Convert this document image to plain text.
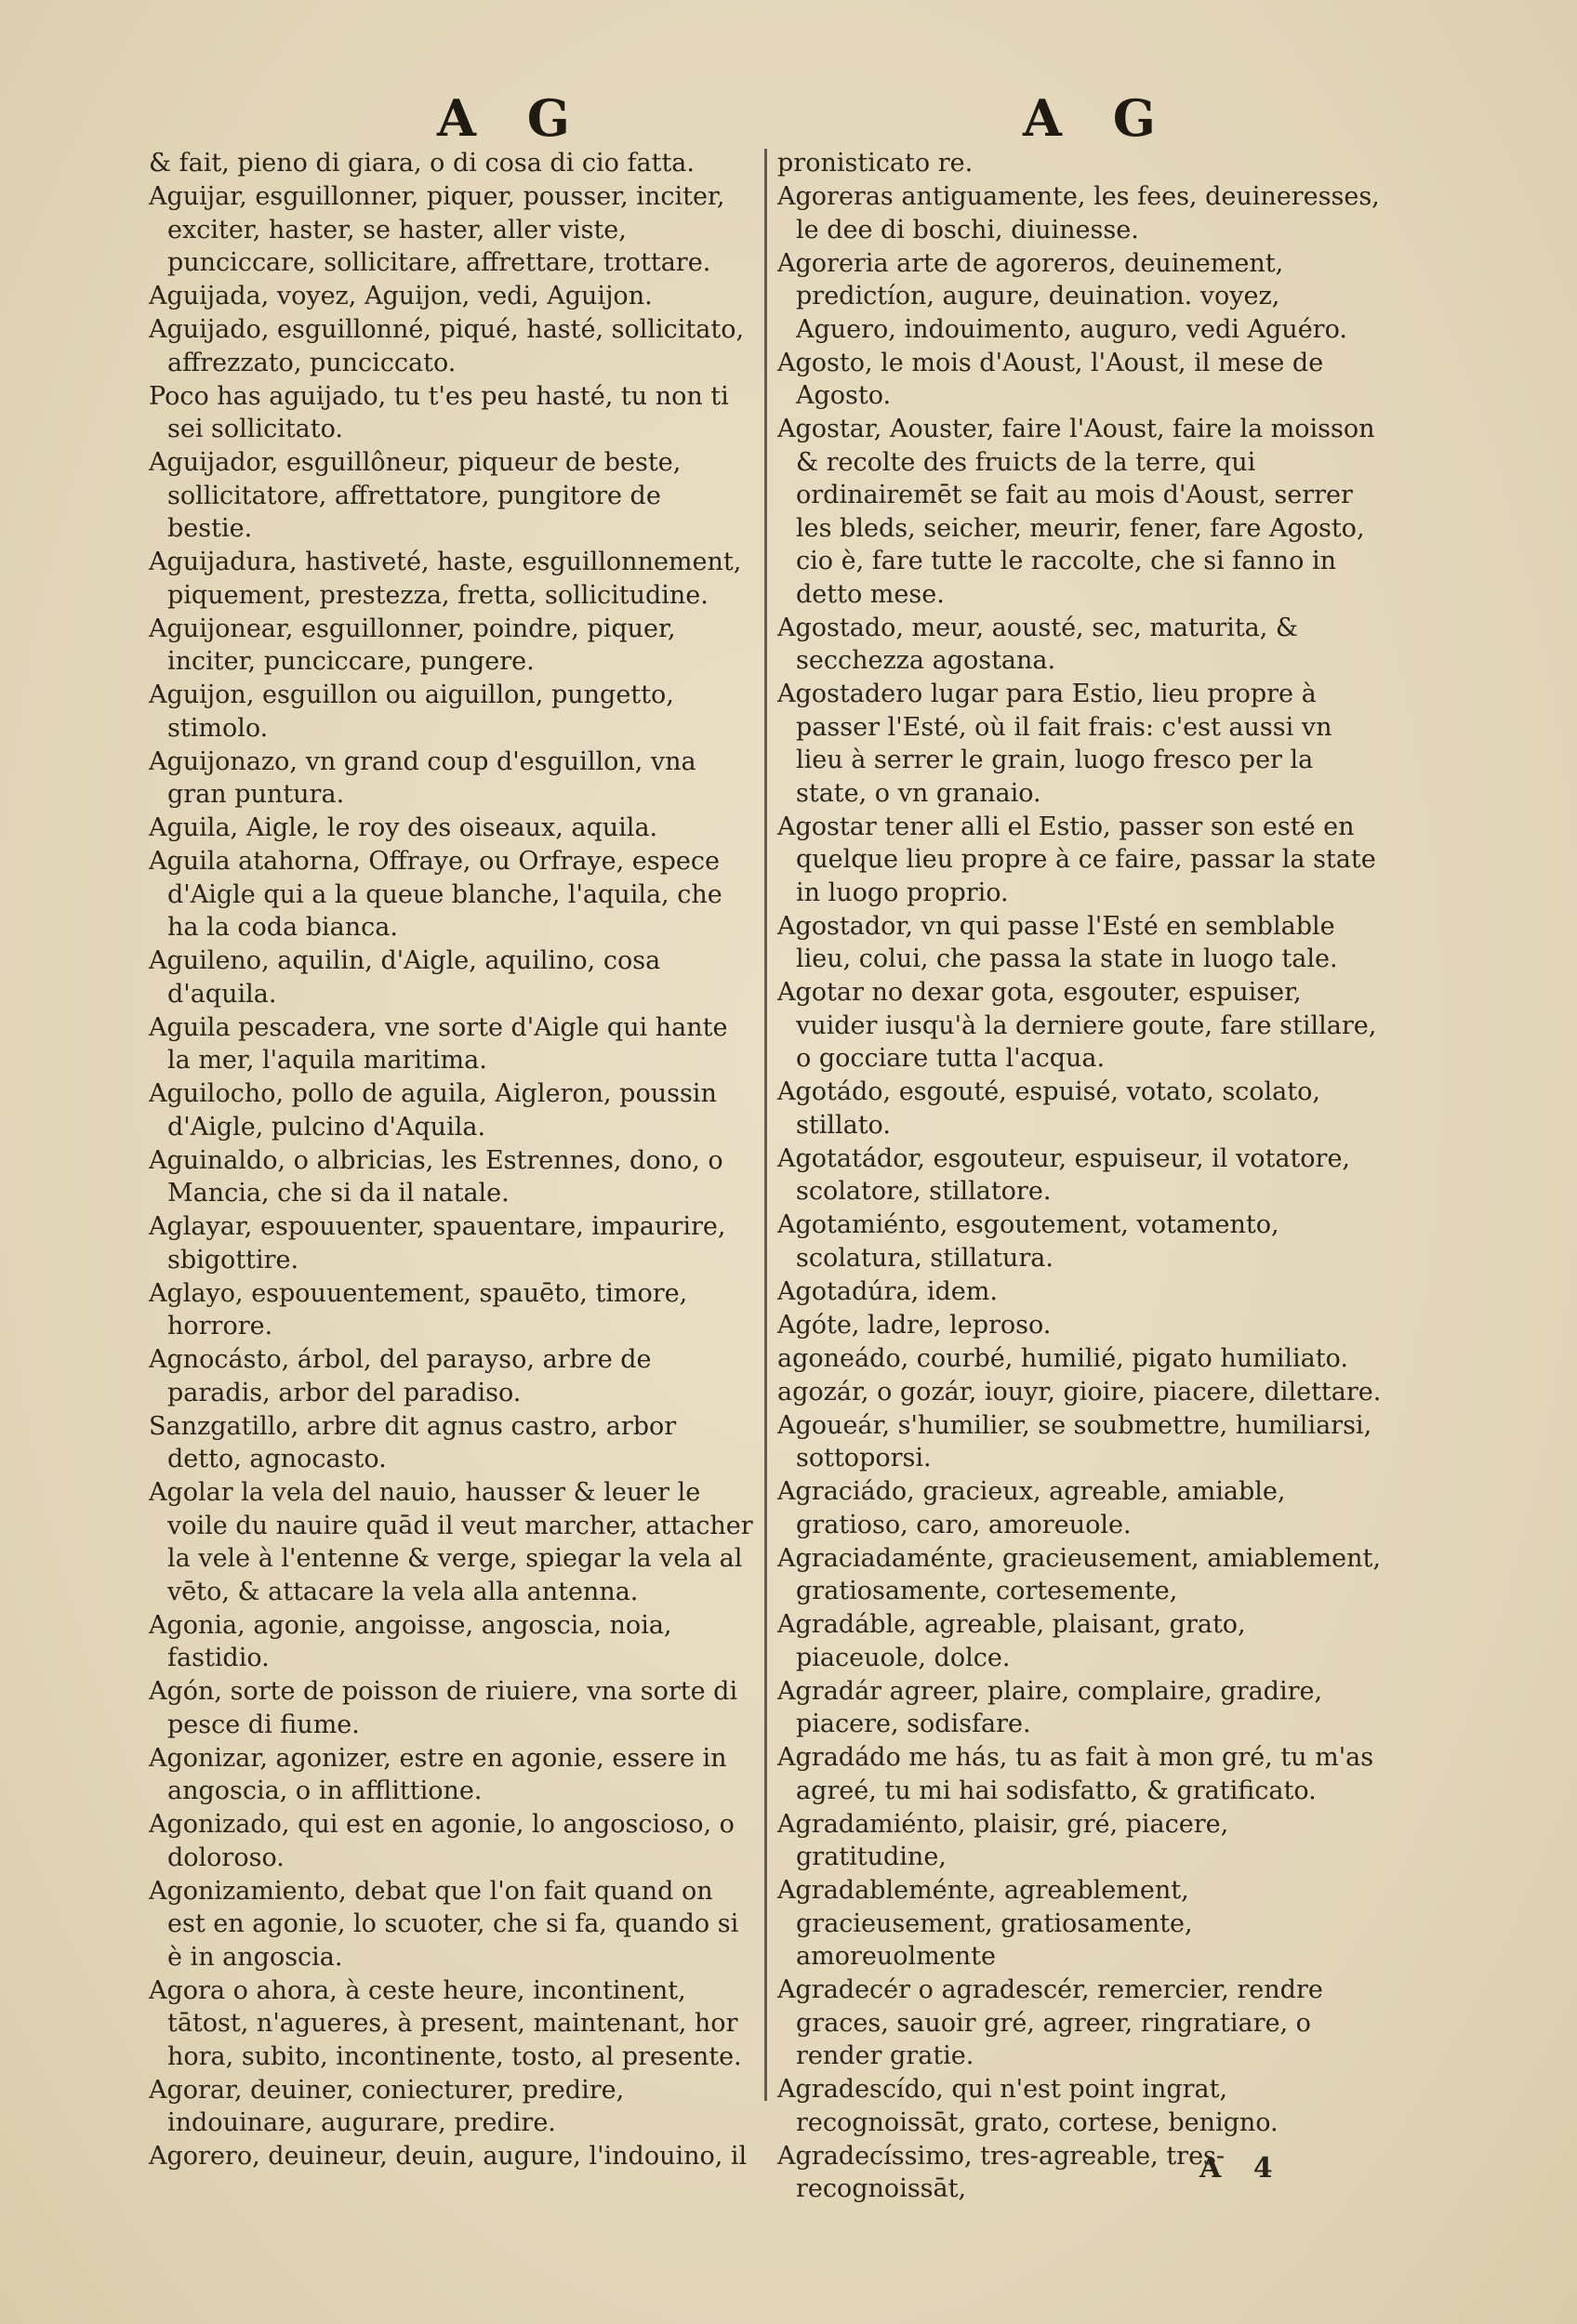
A G	A G

& fait, pieno di giara, o di cosa di cio fatta.

Aguijar, esguillonner, piquer, pousser, inciter, exciter, haster, se haster, aller viste, punciccare, sollicitare, affrettare, trottare.

Aguijada, voyez, Aguijon, vedi, Aguijon.

Aguijado, esguillonné, piqué, hasté, sollicitato, affrezzato, punciccato.

Poco has aguijado, tu t'es peu hasté, tu non ti sei sollicitato.

Aguijador, esguillôneur, piqueur de beste, sollicitatore, affrettatore, pungitore de bestie.

Aguijadura, hastiveté, haste, esguillonnement, piquement, prestezza, fretta, sollicitudine.

Aguijonear, esguillonner, poindre, piquer, inciter, punciccare, pungere.

Aguijon, esguillon ou aiguillon, pungetto, stimolo.

Aguijonazo, vn grand coup d'esguillon, vna gran puntura.

Aguila, Aigle, le roy des oiseaux, aquila.

Aguila atahorna, Offraye, ou Orfraye, espece d'Aigle qui a la queue blanche, l'aquila, che ha la coda bianca.

Aguileno, aquilin, d'Aigle, aquilino, cosa d'aquila.

Aguila pescadera, vne sorte d'Aigle qui hante la mer, l'aquila maritima.

Aguilocho, pollo de aguila, Aigleron, poussin d'Aigle, pulcino d'Aquila.

Aguinaldo, o albricias, les Estrennes, dono, o Mancia, che si da il natale.

Aglayar, espouuenter, spauentare, impaurire, sbigottire.

Aglayo, espouuentement, spauēto, timore, horrore.

Agnocásto, árbol, del parayso, arbre de paradis, arbor del paradiso.

Sanzgatillo, arbre dit agnus castro, arbor detto, agnocasto.

Agolar la vela del nauio, hausser & leuer le voile du nauire quād il veut marcher, attacher la vele à l'entenne & verge, spiegar la vela al vēto, & attacare la vela alla antenna.

Agonia, agonie, angoisse, angoscia, noia, fastidio.

Agón, sorte de poisson de riuiere, vna sorte di pesce di fiume.

Agonizar, agonizer, estre en agonie, essere in angoscia, o in afflittione.

Agonizado, qui est en agonie, lo angosciosо, o doloroso.

Agonizamiento, debat que l'on fait quand on est en agonie, lo scuoter, che si fa, quando si è in angoscia.

Agora o ahora, à ceste heure, incontinent, tātost, n'agueres, à present, maintenant, hor hora, subito, incontinente, tosto, al presente.

Agorar, deuiner, coniecturer, predire, indouinare, augurare, predire.

Agorero, deuineur, deuin, augure, l'indouino, il

pronisticato re.

Agoreras antiguamente, les fees, deuineresses, le dee di boschi, diuinesse.

Agoreria arte de agoreros, deuinement, predictíon, augure, deuination. voyez, Aguero, indouimento, auguro, vedi Aguéro.

Agosto, le mois d'Aoust, l'Aoust, il mese de Agosto.

Agostar, Aouster, faire l'Aoust, faire la moisson & recolte des fruicts de la terre, qui ordinairemēt se fait au mois d'Aoust, serrer les bleds, seicher, meurir, fener, fare Agosto, cio è, fare tutte le raccolte, che si fanno in detto mese.

Agostado, meur, aousté, sec, maturita, & secchezza agostana.

Agostadero lugar para Estio, lieu propre à passer l'Esté, où il fait frais: c'est aussi vn lieu à serrer le grain, luogo fresco per la state, o vn granaio.

Agostar tener alli el Estio, passer son esté en quelque lieu propre à ce faire, passar la state in luogo proprio.

Agostador, vn qui passe l'Esté en semblable lieu, colui, che passa la state in luogo tale.

Agotar no dexar gota, esgouter, espuiser, vuider iusqu'à la derniere goute, fare stillare, o gocciare tutta l'acqua.

Agotádo, esgouté, espuisé, votato, scolato, stillato.

Agotatádor, esgouteur, espuiseur, il votatore, scolatore, stillatore.

Agotamiénto, esgoutement, votamento, scolatura, stillatura.

Agotadúra, idem.

Agóte, ladre, leproso.

agoneádo, courbé, humilié, pigato humiliato.

agozár, o gozár, iouyr, gioire, piacere, dilettare.

Agoueár, s'humilier, se soubmettre, humiliarsi, sottoporsi.

Agraciádo, gracieux, agreable, amiable, gratioso, caro, amoreuole.

Agraciadaménte, gracieusement, amiablement, gratiosamente, cortesemente,

Agradáble, agreable, plaisant, grato, piaceuole, dolce.

Agradár agreer, plaire, complaire, gradire, piacere, sodisfare.

Agradádo me hás, tu as fait à mon gré, tu m'as agreé, tu mi hai sodisfatto, & gratificato.

Agradamiénto, plaisir, gré, piacere, gratitudine,

Agradableménte, agreablement, gracieusement, gratiosamente, amoreuolmente

Agradecér o agradescér, remercier, rendre graces, sauoir gré, agreer, ringratiare, o render gratie.

Agradescído, qui n'est point ingrat, recognoissāt, grato, cortese, benigno.

Agradecíssimo, tres-agreable, tres-recognoissāt,

A 4
